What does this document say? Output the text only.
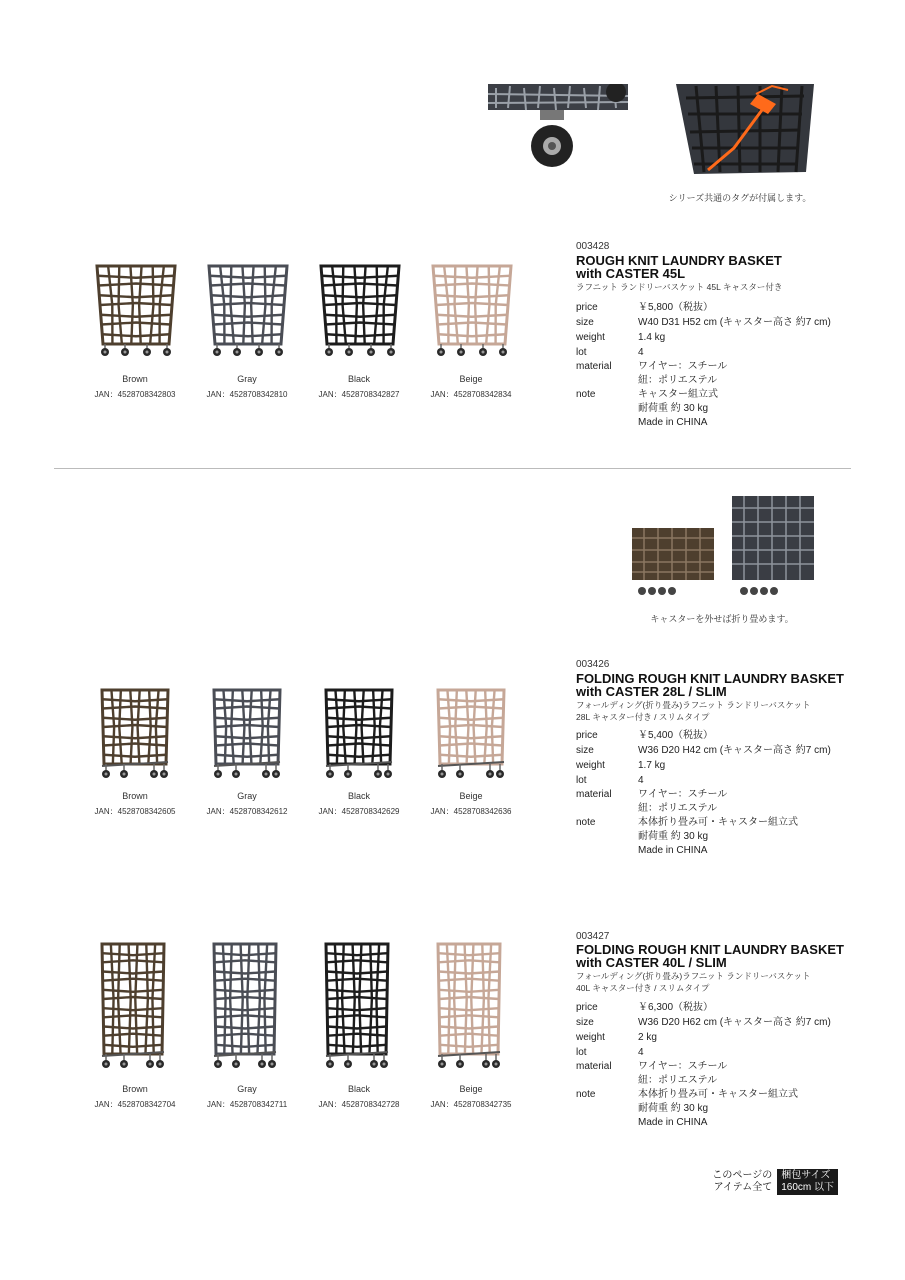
シリーズ共通のタグが付属します。
Brown	Gray	Black	Beige
JAN：4528708342803	JAN：4528708342810	JAN：4528708342827	JAN：4528708342834
003428
ROUGH KNIT LAUNDRY BASKET
with CASTER 45L
ラフニット ランドリーバスケット 45L キャスター付き
price	￥5,800（税抜）
size	W40 D31 H52 cm (キャスター高さ 約7 cm)
weight	1.4 kg
lot	4
material	ワイヤー：スチール
紐：ポリエステル
note	キャスター組立式
耐荷重 約 30 kg
Made in CHINA
キャスターを外せば折り畳めます。
Brown	Gray	Black	Beige
JAN：4528708342605	JAN：4528708342612	JAN：4528708342629	JAN：4528708342636
003426
FOLDING ROUGH KNIT LAUNDRY BASKET
with CASTER 28L / SLIM
フォールディング(折り畳み)ラフニット ランドリーバスケット
28L キャスター付き / スリムタイプ
price	￥5,400（税抜）
size	W36 D20 H42 cm (キャスター高さ 約7 cm)
weight	1.7 kg
lot	4
material	ワイヤー：スチール
紐：ポリエステル
note	本体折り畳み可・キャスター組立式
耐荷重 約 30 kg
Made in CHINA
Brown	Gray	Black	Beige
JAN：4528708342704	JAN：4528708342711	JAN：4528708342728	JAN：4528708342735
003427
FOLDING ROUGH KNIT LAUNDRY BASKET
with CASTER 40L / SLIM
フォールディング(折り畳み)ラフニット ランドリーバスケット
40L キャスター付き / スリムタイプ
price	￥6,300（税抜）
size	W36 D20 H62 cm (キャスター高さ 約7 cm)
weight	2 kg
lot	4
material	ワイヤー：スチール
紐：ポリエステル
note	本体折り畳み可・キャスター組立式
耐荷重 約 30 kg
Made in CHINA
このページの
アイテム全て
梱包サイズ
160cm 以下
